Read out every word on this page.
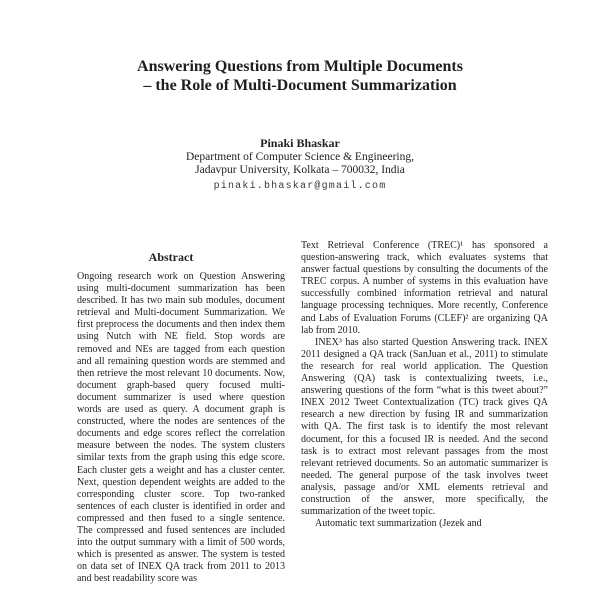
Answering Questions from Multiple Documents
– the Role of Multi-Document Summarization
Pinaki Bhaskar
Department of Computer Science & Engineering,
Jadavpur University, Kolkata – 700032, India
pinaki.bhaskar@gmail.com
Abstract

Ongoing research work on Question Answering using multi-document summarization has been described. It has two main sub modules, document retrieval and Multi-document Summarization. We first preprocess the documents and then index them using Nutch with NE field. Stop words are removed and NEs are tagged from each question and all remaining question words are stemmed and then retrieve the most relevant 10 documents. Now, document graph-based query focused multi-document summarizer is used where question words are used as query. A document graph is constructed, where the nodes are sentences of the documents and edge scores reflect the correlation measure between the nodes. The system clusters similar texts from the graph using this edge score. Each cluster gets a weight and has a cluster center. Next, question dependent weights are added to the corresponding cluster score. Top two-ranked sentences of each cluster is identified in order and compressed and then fused to a single sentence. The compressed and fused sentences are included into the output summary with a limit of 500 words, which is presented as answer. The system is tested on data set of INEX QA track from 2011 to 2013 and best readability score was

Text Retrieval Conference (TREC)¹ has sponsored a question-answering track, which evaluates systems that answer factual questions by consulting the documents of the TREC corpus. A number of systems in this evaluation have successfully combined information retrieval and natural language processing techniques. More recently, Conference and Labs of Evaluation Forums (CLEF)² are organizing QA lab from 2010.

INEX³ has also started Question Answering track. INEX 2011 designed a QA track (SanJuan et al., 2011) to stimulate the research for real world application. The Question Answering (QA) task is contextualizing tweets, i.e., answering questions of the form “what is this tweet about?” INEX 2012 Tweet Contextualization (TC) track gives QA research a new direction by fusing IR and summarization with QA. The first task is to identify the most relevant document, for this a focused IR is needed. And the second task is to extract most relevant passages from the most relevant retrieved documents. So an automatic summarizer is needed. The general purpose of the task involves tweet analysis, passage and/or XML elements retrieval and construction of the answer, more specifically, the summarization of the tweet topic.

Automatic text summarization (Jezek and
